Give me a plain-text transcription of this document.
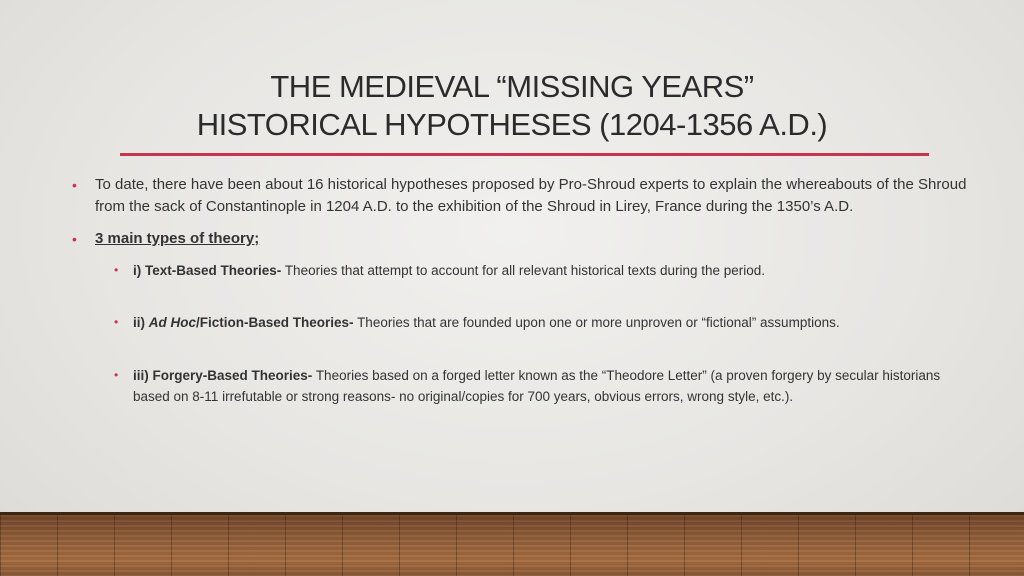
THE MEDIEVAL “MISSING YEARS”
HISTORICAL HYPOTHESES (1204-1356 A.D.)
• To date, there have been about 16 historical hypotheses proposed by Pro-Shroud experts to explain the whereabouts of the Shroud from the sack of Constantinople in 1204 A.D. to the exhibition of the Shroud in Lirey, France during the 1350’s A.D.
• 3 main types of theory;
• i) Text-Based Theories- Theories that attempt to account for all relevant historical texts during the period.
• ii) Ad Hoc/Fiction-Based Theories- Theories that are founded upon one or more unproven or “fictional” assumptions.
• iii) Forgery-Based Theories- Theories based on a forged letter known as the “Theodore Letter” (a proven forgery by secular historians based on 8-11 irrefutable or strong reasons- no original/copies for 700 years, obvious errors, wrong style, etc.).
